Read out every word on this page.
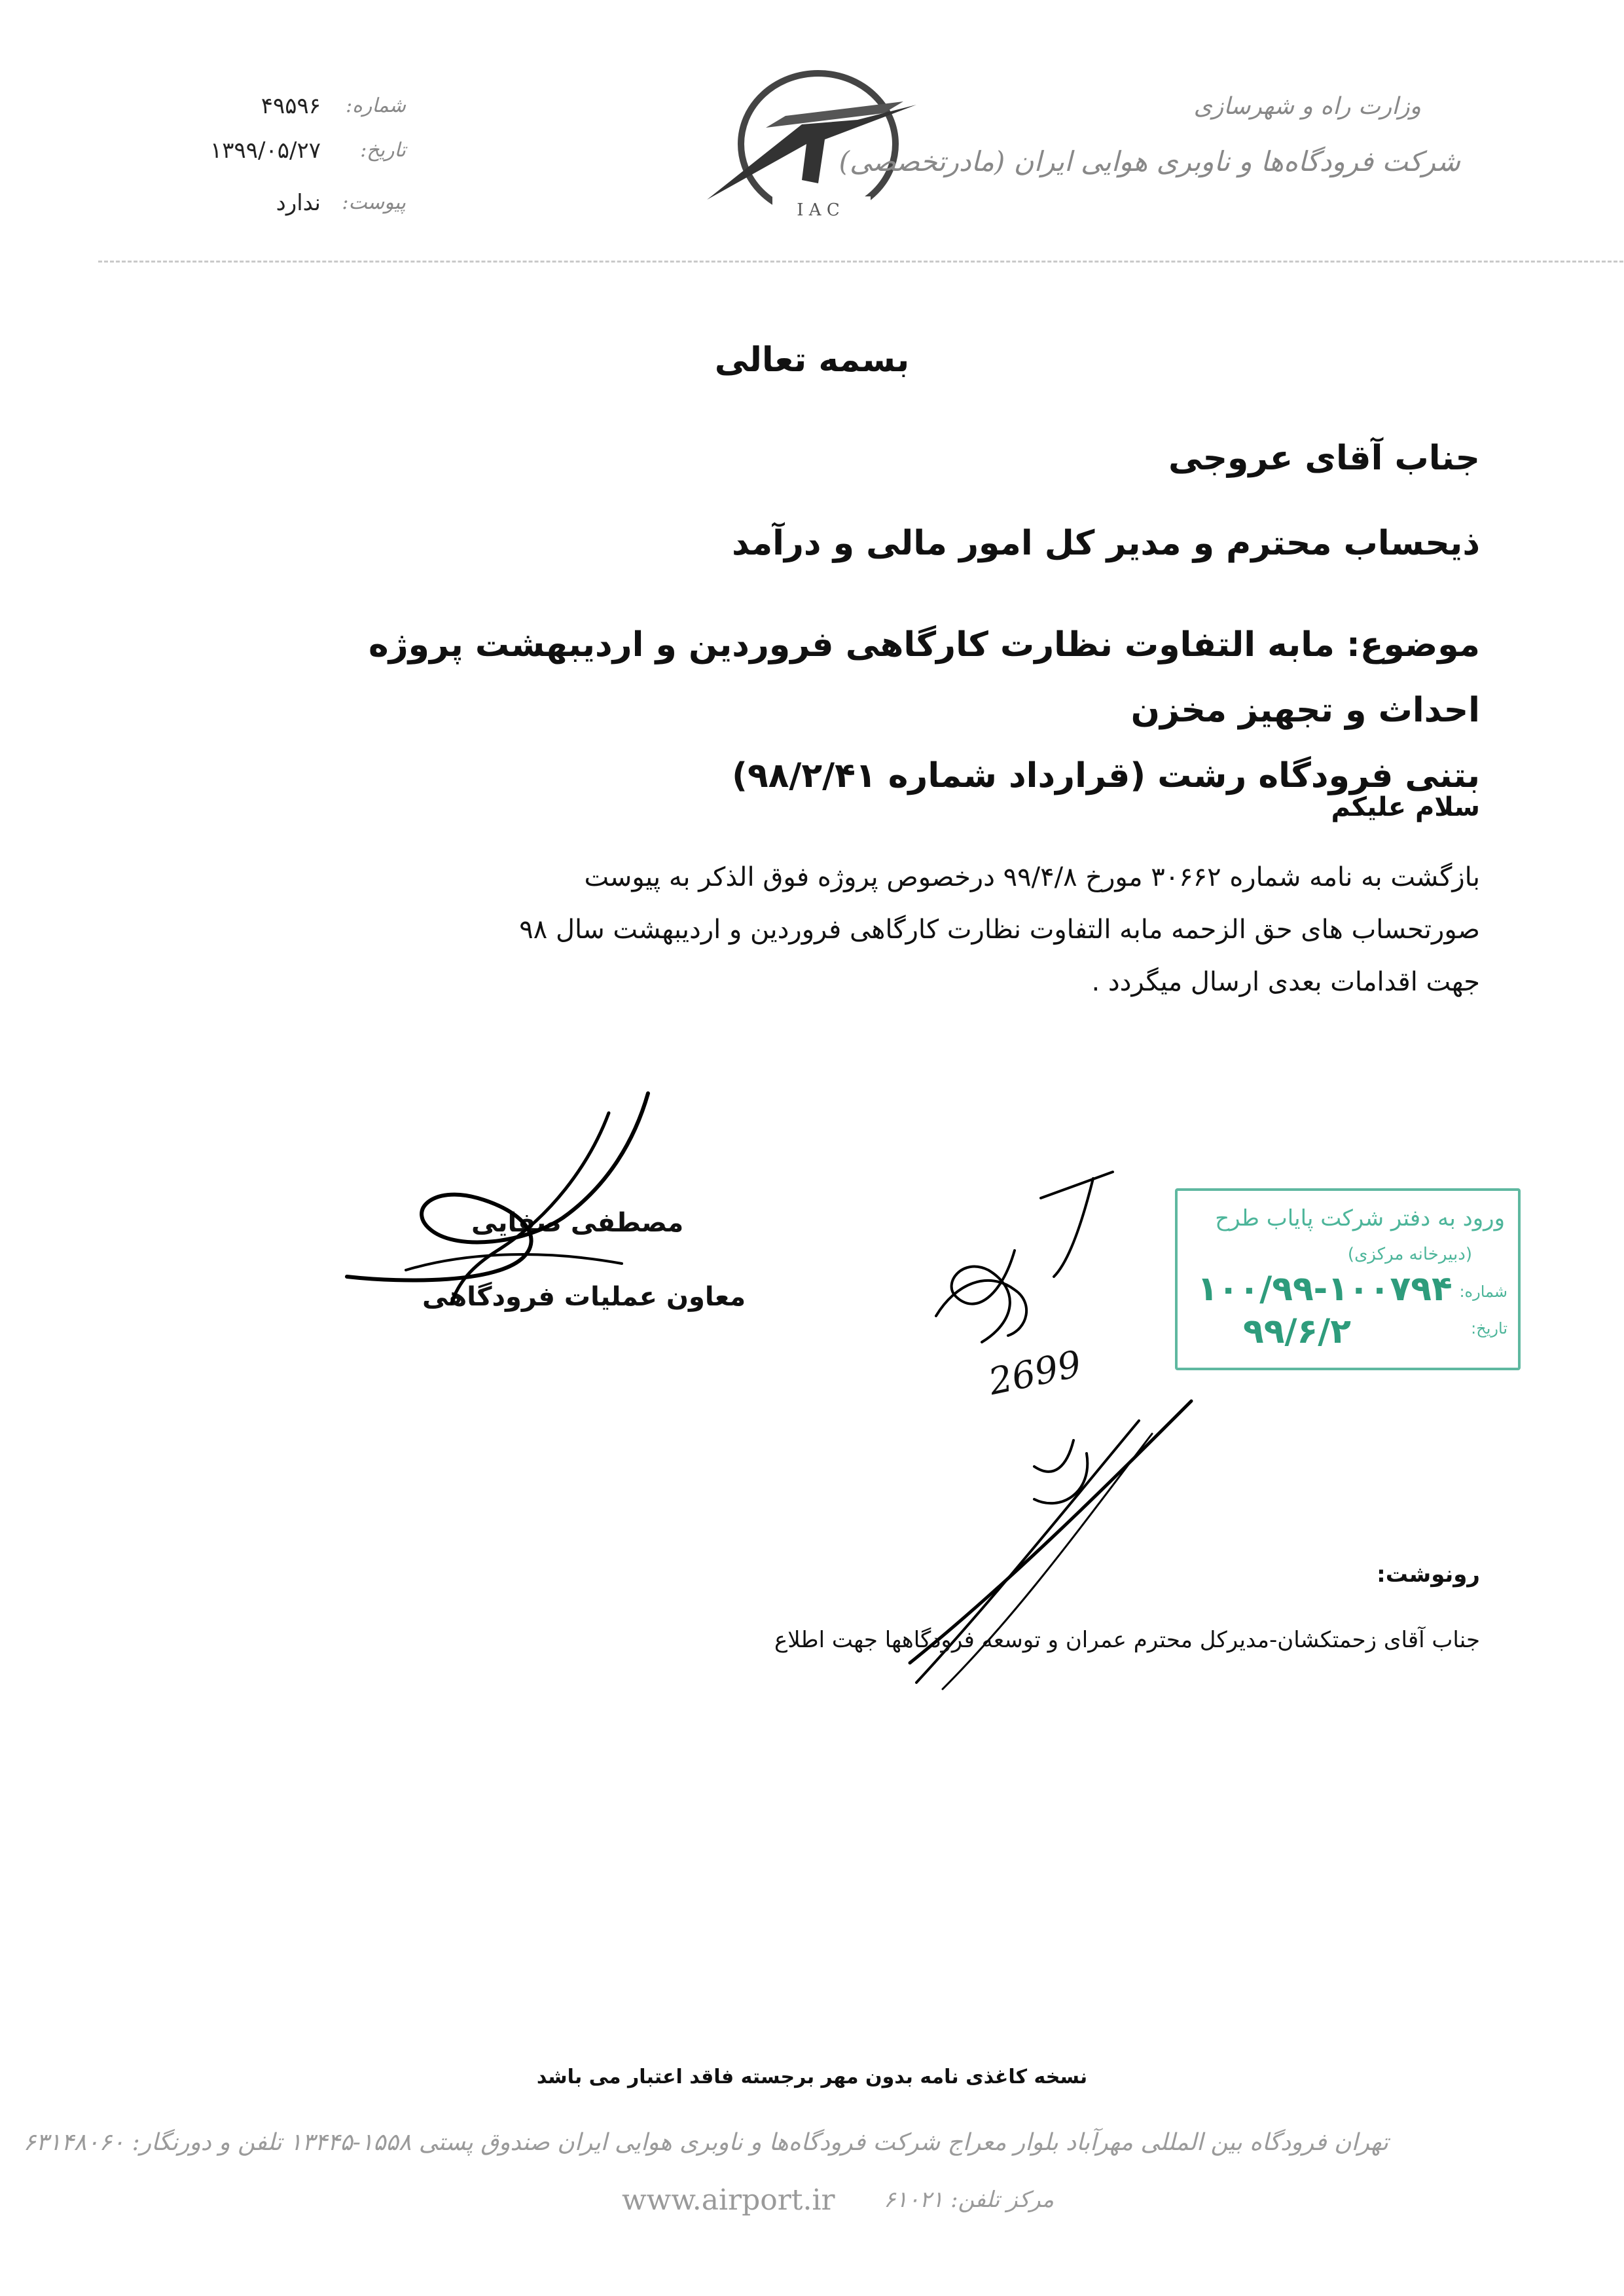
۴۹۵۹۶ شماره:
۱۳۹۹/۰۵/۲۷ تاریخ:
ندارد پیوست:	I A C
وزارت راه و شهرسازی
شرکت فرودگاه‌ها و ناوبری هوایی ایران (مادرتخصصی)
بسمه تعالی
جناب آقای عروجی
ذیحساب محترم و مدیر کل امور مالی و درآمد
موضوع: مابه التفاوت نظارت کارگاهی فروردین و اردیبهشت پروژه احداث و تجهیز مخزن
بتنی فرودگاه رشت (قرارداد شماره ۹۸/۲/۴۱)
سلام علیکم
بازگشت به نامه شماره ۳۰۶۶۲ مورخ ۹۹/۴/۸ درخصوص پروژه فوق الذکر به پیوست
صورتحساب های حق الزحمه مابه التفاوت نظارت کارگاهی فروردین و اردیبهشت سال ۹۸
جهت اقدامات بعدی ارسال میگردد .
مصطفی صفایی
معاون عملیات فرودگاهی
2699
ورود به دفتر شرکت پایاب طرح
(دبیرخانه مرکزی)
شماره:
تاریخ:
۱۰۰/۹۹-۱۰۰۷۹۴
۹۹/۶/۲
رونوشت:
جناب آقای زحمتکشان-مدیرکل محترم عمران و توسعه فرودگاهها جهت اطلاع
نسخه کاغذی نامه بدون مهر برجسته فاقد اعتبار می باشد
تهران فرودگاه بین المللی مهرآباد بلوار معراج شرکت فرودگاه‌ها و ناوبری هوایی ایران صندوق پستی ۱۵۵۸-۱۳۴۴۵ تلفن و دورنگار: ۶۳۱۴۸۰۶۰
www.airport.ir مرکز تلفن: ۶۱۰۲۱
